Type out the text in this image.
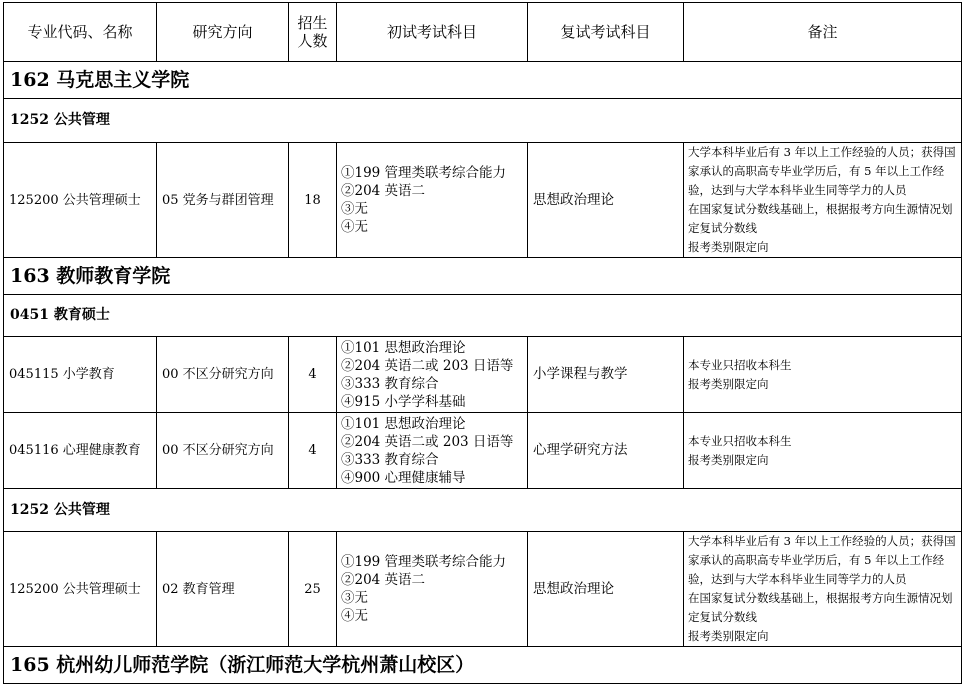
专业代码、名称	研究方向	招生
人数	初试考试科目	复试考试科目	备注
162 马克思主义学院					
1252 公共管理					
125200 公共管理硕士	05 党务与群团管理	18	①199 管理类联考综合能力
②204 英语二
③无
④无	思想政治理论	大学本科毕业后有 3 年以上工作经验的人员；获得国家承认的高职高专毕业学历后，有 5 年以上工作经验，达到与大学本科毕业生同等学力的人员
在国家复试分数线基础上，根据报考方向生源情况划定复试分数线
报考类别限定向

163 教师教育学院					
0451 教育硕士					
045115 小学教育	00 不区分研究方向	4	①101 思想政治理论
②204 英语二或 203 日语等
③333 教育综合
④915 小学学科基础	小学课程与教学	本专业只招收本科生
报考类别限定向

045116 心理健康教育	00 不区分研究方向	4	①101 思想政治理论
②204 英语二或 203 日语等
③333 教育综合
④900 心理健康辅导	心理学研究方法	本专业只招收本科生
报考类别限定向

1252 公共管理					
125200 公共管理硕士	02 教育管理	25	①199 管理类联考综合能力
②204 英语二
③无
④无	思想政治理论	大学本科毕业后有 3 年以上工作经验的人员；获得国家承认的高职高专毕业学历后，有 5 年以上工作经验，达到与大学本科毕业生同等学力的人员
在国家复试分数线基础上，根据报考方向生源情况划定复试分数线
报考类别限定向

165 杭州幼儿师范学院（浙江师范大学杭州萧山校区）					
